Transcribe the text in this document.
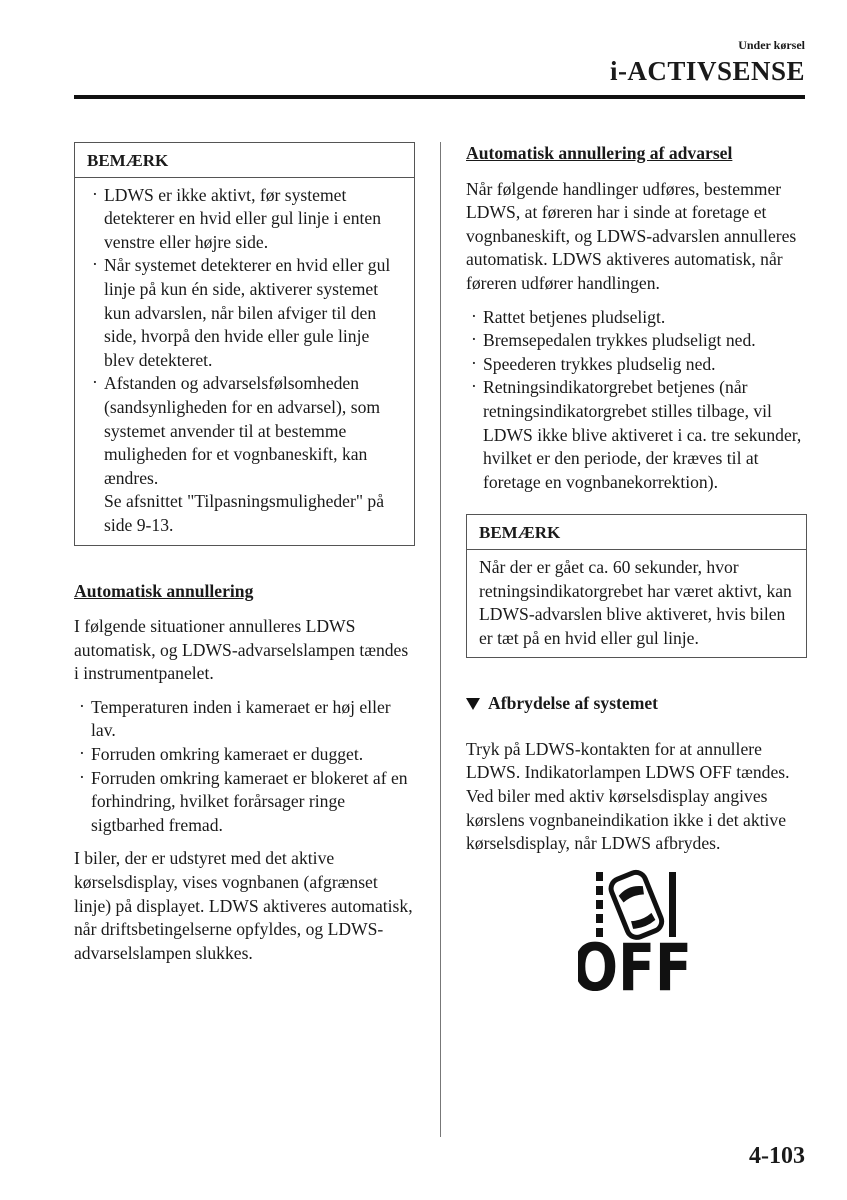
Under kørsel
i-ACTIVSENSE
BEMÆRK
· LDWS er ikke aktivt, før systemet detekterer en hvid eller gul linje i enten venstre eller højre side.
· Når systemet detekterer en hvid eller gul linje på kun én side, aktiverer systemet kun advarslen, når bilen afviger til den side, hvorpå den hvide eller gule linje blev detekteret.
· Afstanden og advarselsfølsomheden (sandsynligheden for en advarsel), som systemet anvender til at bestemme muligheden for et vognbaneskift, kan ændres.
Se afsnittet "Tilpasningsmuligheder" på side 9-13.
Automatisk annullering

I følgende situationer annulleres LDWS automatisk, og LDWS-advarselslampen tændes i instrumentpanelet.

· Temperaturen inden i kameraet er høj eller lav.
· Forruden omkring kameraet er dugget.
· Forruden omkring kameraet er blokeret af en forhindring, hvilket forårsager ringe sigtbarhed fremad.

I biler, der er udstyret med det aktive kørselsdisplay, vises vognbanen (afgrænset linje) på displayet. LDWS aktiveres automatisk, når driftsbetingelserne opfyldes, og LDWS-advarselslampen slukkes.

Automatisk annullering af advarsel

Når følgende handlinger udføres, bestemmer LDWS, at føreren har i sinde at foretage et vognbaneskift, og LDWS-advarslen annulleres automatisk. LDWS aktiveres automatisk, når føreren udfører handlingen.

· Rattet betjenes pludseligt.
· Bremsepedalen trykkes pludseligt ned.
· Speederen trykkes pludselig ned.
· Retningsindikatorgrebet betjenes (når retningsindikatorgrebet stilles tilbage, vil LDWS ikke blive aktiveret i ca. tre sekunder, hvilket er den periode, der kræves til at foretage en vognbanekorrektion).
BEMÆRK
Når der er gået ca. 60 sekunder, hvor retningsindikatorgrebet har været aktivt, kan LDWS-advarslen blive aktiveret, hvis bilen er tæt på en hvid eller gul linje.
Afbrydelse af systemet

Tryk på LDWS-kontakten for at annullere LDWS. Indikatorlampen LDWS OFF tændes.

Ved biler med aktiv kørselsdisplay angives kørslens vognbaneindikation ikke i det aktive kørselsdisplay, når LDWS afbrydes.

OFF
4-103
